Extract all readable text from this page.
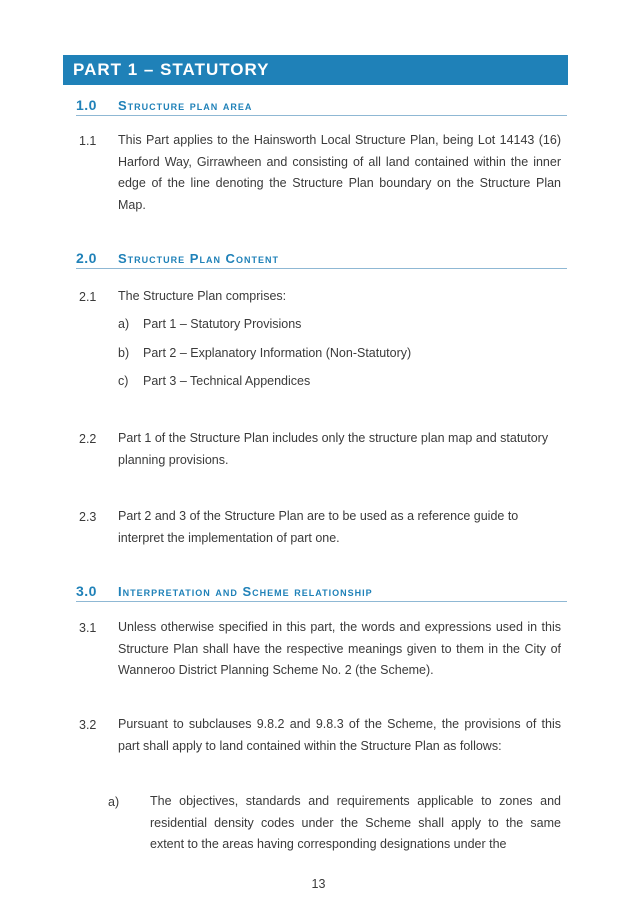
PART 1 – STATUTORY
1.0 Structure plan area
1.1 This Part applies to the Hainsworth Local Structure Plan, being Lot 14143 (16) Harford Way, Girrawheen and consisting of all land contained within the inner edge of the line denoting the Structure Plan boundary on the Structure Plan Map.
2.0 Structure Plan Content
2.1 The Structure Plan comprises:
a) Part 1 – Statutory Provisions
b) Part 2 – Explanatory Information (Non-Statutory)
c) Part 3 – Technical Appendices
2.2 Part 1 of the Structure Plan includes only the structure plan map and statutory planning provisions.
2.3 Part 2 and 3 of the Structure Plan are to be used as a reference guide to interpret the implementation of part one.
3.0 Interpretation and Scheme relationship
3.1 Unless otherwise specified in this part, the words and expressions used in this Structure Plan shall have the respective meanings given to them in the City of Wanneroo District Planning Scheme No. 2 (the Scheme).
3.2 Pursuant to subclauses 9.8.2 and 9.8.3 of the Scheme, the provisions of this part shall apply to land contained within the Structure Plan as follows:
a) The objectives, standards and requirements applicable to zones and residential density codes under the Scheme shall apply to the same extent to the areas having corresponding designations under the
13
